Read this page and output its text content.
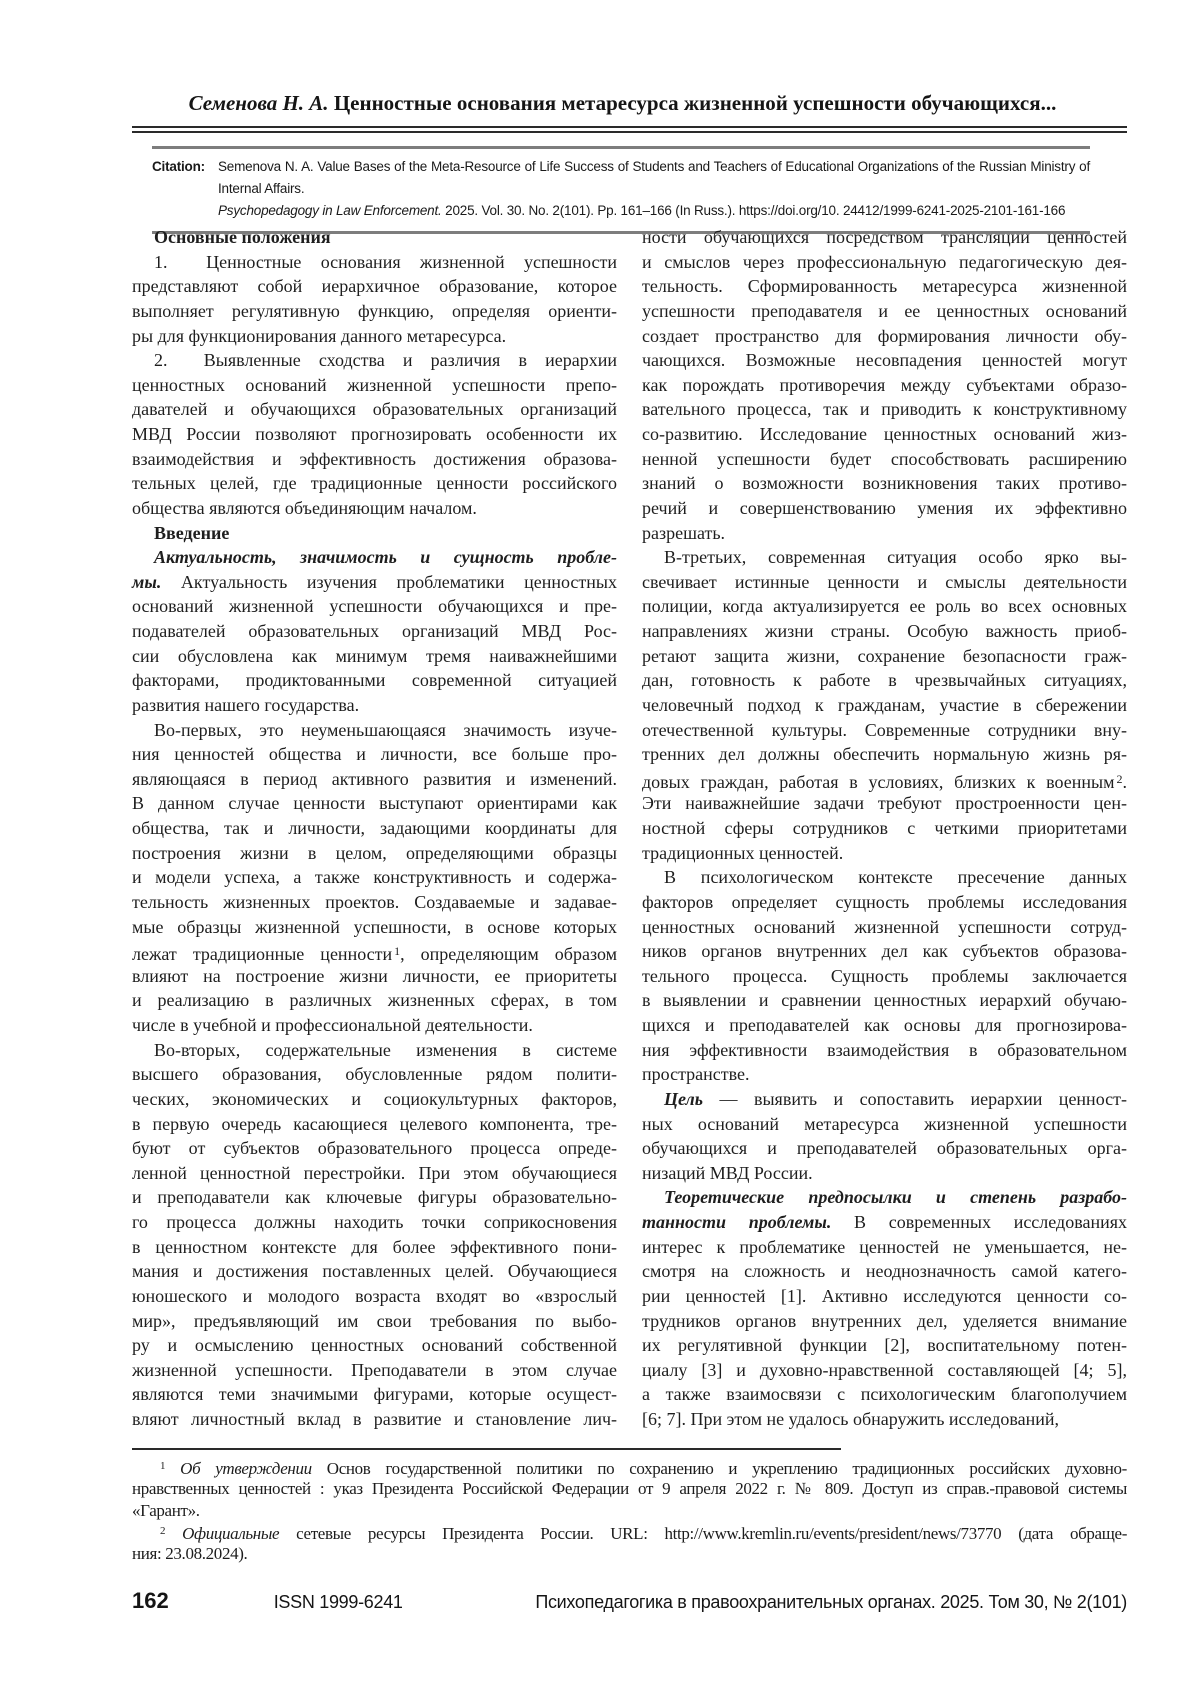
Семенова Н. А. Ценностные основания метаресурса жизненной успешности обучающихся...
Citation: Semenova N. A. Value Bases of the Meta-Resource of Life Success of Students and Teachers of Educational Organizations of the Russian Ministry of Internal Affairs.
Psychopedagogy in Law Enforcement. 2025. Vol. 30. No. 2(101). Pp. 161–166 (In Russ.). https://doi.org/10. 24412/1999-6241-2025-2101-161-166
Основные положения
1.  Ценностные основания жизненной успешности
представляют собой иерархичное образование, которое
выполняет регулятивную функцию, определяя ориенти-
ры для функционирования данного метаресурса.
2.  Выявленные сходства и различия в иерархии
ценностных оснований жизненной успешности препо-
давателей и обучающихся образовательных организаций
МВД России позволяют прогнозировать особенности их
взаимодействия и эффективность достижения образова-
тельных целей, где традиционные ценности российского
общества являются объединяющим началом.
Введение
Актуальность, значимость и сущность пробле-
мы. Актуальность изучения проблематики ценностных
оснований жизненной успешности обучающихся и пре-
подавателей образовательных организаций МВД Рос-
сии обусловлена как минимум тремя наиважнейшими
факторами, продиктованными современной ситуацией
развития нашего государства.
Во-первых, это неуменьшающаяся значимость изуче-
ния ценностей общества и личности, все больше про-
являющаяся в период активного развития и изменений.
В данном случае ценности выступают ориентирами как
общества, так и личности, задающими координаты для
построения жизни в целом, определяющими образцы
и модели успеха, а также конструктивность и содержа-
тельность жизненных проектов. Создаваемые и задавае-
мые образцы жизненной успешности, в основе которых
лежат традиционные ценности $^1$, определяющим образом
влияют на построение жизни личности, ее приоритеты
и реализацию в различных жизненных сферах, в том
числе в учебной и профессиональной деятельности.
Во-вторых, содержательные изменения в системе
высшего образования, обусловленные рядом полити-
ческих, экономических и социокультурных факторов,
в первую очередь касающиеся целевого компонента, тре-
буют от субъектов образовательного процесса опреде-
ленной ценностной перестройки. При этом обучающиеся
и преподаватели как ключевые фигуры образовательно-
го процесса должны находить точки соприкосновения
в ценностном контексте для более эффективного пони-
мания и достижения поставленных целей. Обучающиеся
юношеского и молодого возраста входят во «взрослый
мир», предъявляющий им свои требования по выбо-
ру и осмыслению ценностных оснований собственной
жизненной успешности. Преподаватели в этом случае
являются теми значимыми фигурами, которые осущест-
вляют личностный вклад в развитие и становление лич-
ности обучающихся посредством трансляции ценностей
и смыслов через профессиональную педагогическую дея-
тельность. Сформированность метаресурса жизненной
успешности преподавателя и ее ценностных оснований
создает пространство для формирования личности обу-
чающихся. Возможные несовпадения ценностей могут
как порождать противоречия между субъектами образо-
вательного процесса, так и приводить к конструктивному
со-развитию. Исследование ценностных оснований жиз-
ненной успешности будет способствовать расширению
знаний о возможности возникновения таких противо-
речий и совершенствованию умения их эффективно
разрешать.
В-третьих, современная ситуация особо ярко вы-
свечивает истинные ценности и смыслы деятельности
полиции, когда актуализируется ее роль во всех основных
направлениях жизни страны. Особую важность приоб-
ретают защита жизни, сохранение безопасности граж-
дан, готовность к работе в чрезвычайных ситуациях,
человечный подход к гражданам, участие в сбережении
отечественной культуры. Современные сотрудники вну-
тренних дел должны обеспечить нормальную жизнь ря-
довых граждан, работая в условиях, близких к военным $^2$.
Эти наиважнейшие задачи требуют простроенности цен-
ностной сферы сотрудников с четкими приоритетами
традиционных ценностей.
В психологическом контексте пресечение данных
факторов определяет сущность проблемы исследования
ценностных оснований жизненной успешности сотруд-
ников органов внутренних дел как субъектов образова-
тельного процесса. Сущность проблемы заключается
в выявлении и сравнении ценностных иерархий обучаю-
щихся и преподавателей как основы для прогнозирова-
ния эффективности взаимодействия в образовательном
пространстве.
Цель — выявить и сопоставить иерархии ценност-
ных оснований метаресурса жизненной успешности
обучающихся и преподавателей образовательных орга-
низаций МВД России.
Теоретические предпосылки и степень разрабо-
танности проблемы. В современных исследованиях
интерес к проблематике ценностей не уменьшается, не-
смотря на сложность и неоднозначность самой катего-
рии ценностей [1]. Активно исследуются ценности со-
трудников органов внутренних дел, уделяется внимание
их регулятивной функции [2], воспитательному потен-
циалу [3] и духовно-нравственной составляющей [4; 5],
а также взаимосвязи с психологическим благополучием
[6; 7]. При этом не удалось обнаружить исследований,
$^1$ Об утверждении Основ государственной политики по сохранению и укреплению традиционных российских духовно-
нравственных ценностей : указ Президента Российской Федерации от 9 апреля 2022 г. № 809. Доступ из справ.-правовой системы
«Гарант».
$^2$ Официальные сетевые ресурсы Президента России. URL: http://www.kremlin.ru/events/president/news/73770 (дата обраще-
ния: 23.08.2024).
162	ISSN 1999-6241	Психопедагогика в правоохранительных органах. 2025. Том 30, № 2(101)
